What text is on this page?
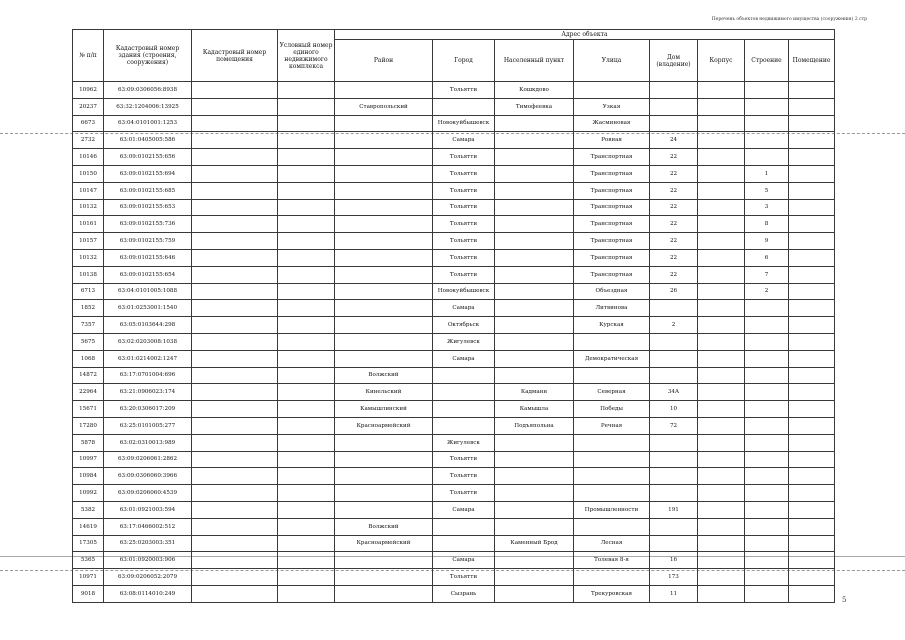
Перечень объектов недвижимого имущества (сооружения) 2 стр
№ п/п	Кадастровый номер здания (строения, сооружения)	Кадастровый номер помещения	Условный номер единого недвижимого комплекса	Адрес объекта							
				Район	Город	Населенный пункт	Улица	Дом (владение)	Корпус	Строение	Помещение
10962	63:09:0306056:8938				Тольятти	Кошкдово					
20237	63:32:1204006:13925			Ставропольский		Тимофеевка	Узкая				
6673	63:04:0101001:1253				Новокуйбышевск		Жасминовая				
2732	63:01:0405005:586				Самара		Ровная	24			
10146	63:09:0102155:656				Тольятти		Транспортная	22			
10150	63:09:0102155:694				Тольятти		Транспортная	22		1	
10147	63:09:0102155:685				Тольятти		Транспортная	22		5	
10132	63:09:0102155:653				Тольятти		Транспортная	22		3	
10161	63:09:0102155:736				Тольятти		Транспортная	22		8	
10157	63:09:0102155:759				Тольятти		Транспортная	22		9	
10132	63:09:0102155:646				Тольятти		Транспортная	22		6	
10138	63:09:0102155:654				Тольятти		Транспортная	22		7	
6713	63:04:0101005:1088				Новокуйбышевск		Объездная	26		2	
1852	63:01:0253001:1540				Самара		Литвинова				
7357	63:05:0103644:298				Октябрьск		Курская	2			
5675	63:02:0203008:1038				Жигулевск						
1068	63:01:0214002:1247				Самара		Демократическая				
14872	63:17:0701004:696			Волжский							
22964	63:21:0906023:174			Кинельский		Кадманн	Северная	34А			
15671	63:20:0306017:209			Камышлинский		Камышла	Победы	10			
17280	63:25:0101005:277			Красноармейский		Подъяпольна	Речная	72			
5878	63:02:0310013:989				Жигулевск						
10997	63:09:0206061:2862				Тольятти						
10984	63:09:0306060:3966				Тольятти						
10992	63:09:0206060:4539				Тольятти						
5382	63:01:0921003:594				Самара		Промышленности	191			
14619	63:17:0466002:512			Волжский							
17305	63:25:0203003:351			Красноармейский		Каменный Брод	Лесная				
5365	63:01:0920003:906				Самара		Толевая 8-я	16			
10971	63:09:0206052:2079				Тольятти			173			
9018	63:08:0114010:249				Сызрань		Трекуровская	11			
5
